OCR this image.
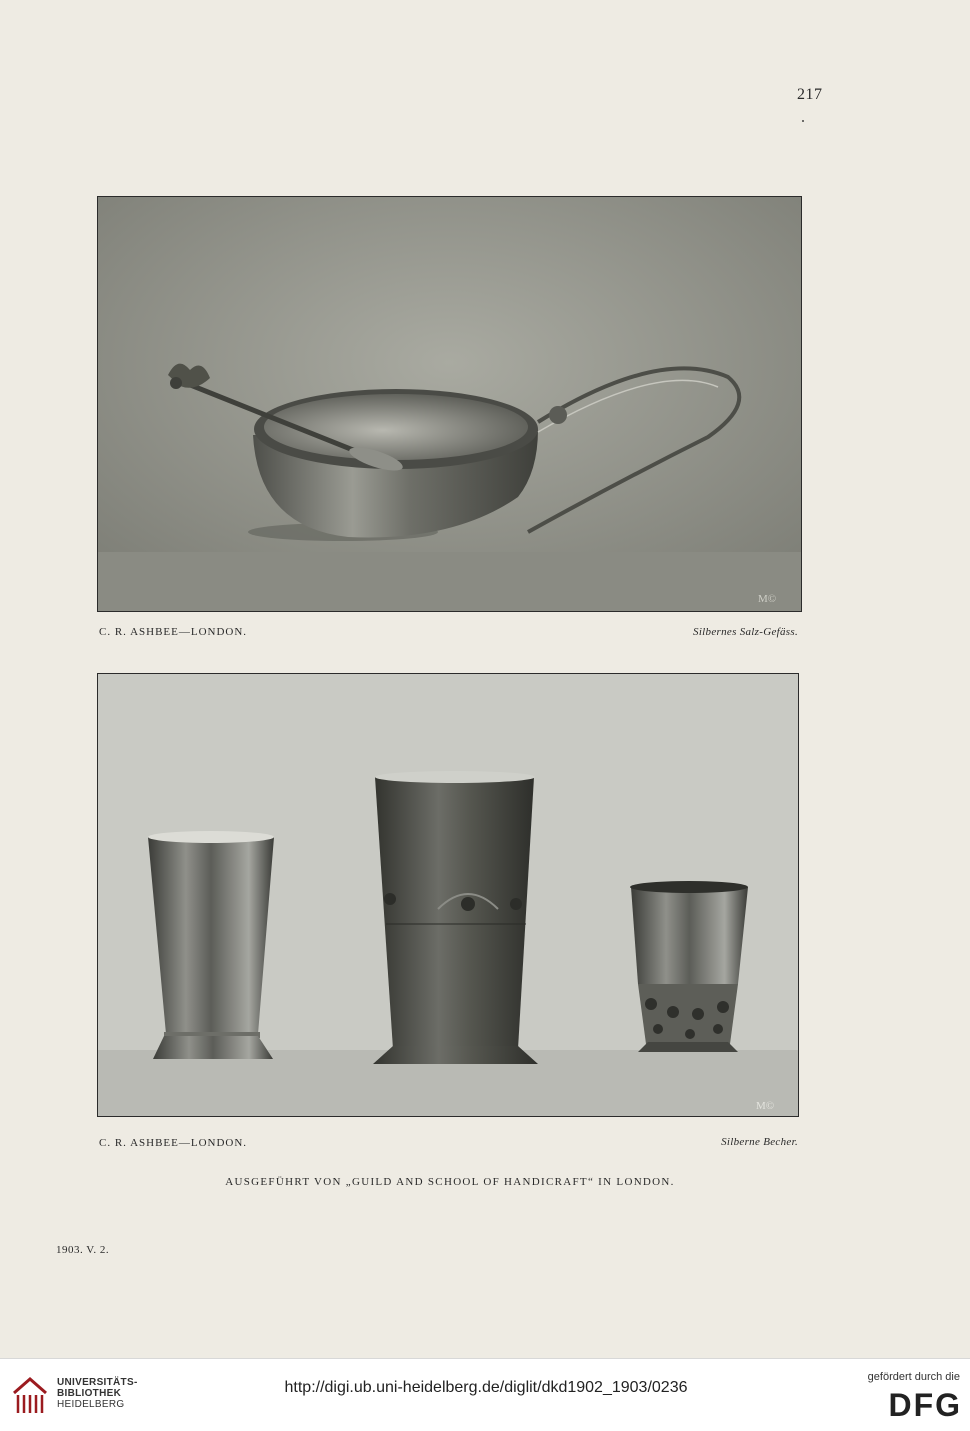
217
M©
C. R. ASHBEE—LONDON.	Silbernes Salz-Gefäss.
M©
C. R. ASHBEE—LONDON.	Silberne Becher.
AUSGEFÜHRT VON „GUILD AND SCHOOL OF HANDICRAFT“ IN LONDON.
1903. V. 2.
UNIVERSITÄTS-
BIBLIOTHEK
HEIDELBERG
http://digi.ub.uni-heidelberg.de/diglit/dkd1902_1903/0236
gefördert durch die
DFG
